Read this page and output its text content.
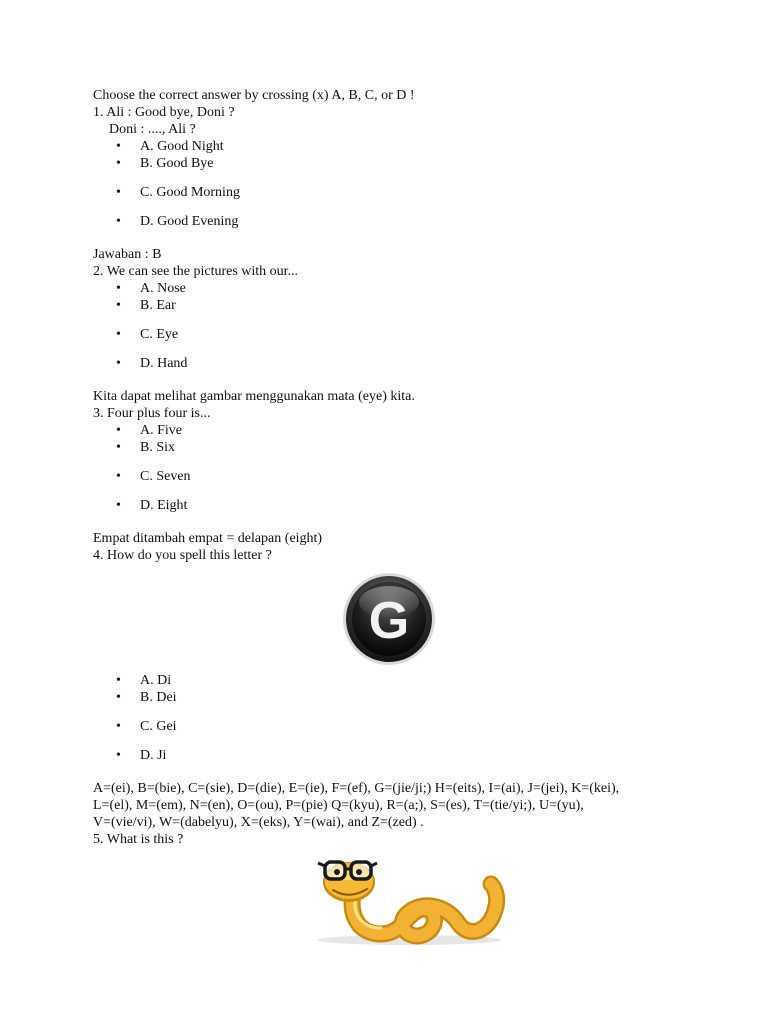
Choose the correct answer by crossing (x) A, B, C, or D !
1. Ali : Good bye, Doni ?
Doni : ...., Ali ?
• A. Good Night
• B. Good Bye
• C. Good Morning
• D. Good Evening
Jawaban : B
2. We can see the pictures with our...
• A. Nose
• B. Ear
• C. Eye
• D. Hand
Kita dapat melihat gambar menggunakan mata (eye) kita.
3. Four plus four is...
• A. Five
• B. Six
• C. Seven
• D. Eight
Empat ditambah empat = delapan (eight)
4. How do you spell this letter ?
G
• A. Di
• B. Dei
• C. Gei
• D. Ji
A=(ei), B=(bie), C=(sie), D=(die), E=(ie), F=(ef), G=(jie/ji;) H=(eits), I=(ai), J=(jei), K=(kei),
L=(el), M=(em), N=(en), O=(ou), P=(pie) Q=(kyu), R=(a;), S=(es), T=(tie/yi;), U=(yu),
V=(vie/vi), W=(dabelyu), X=(eks), Y=(wai), and Z=(zed) .
5. What is this ?
